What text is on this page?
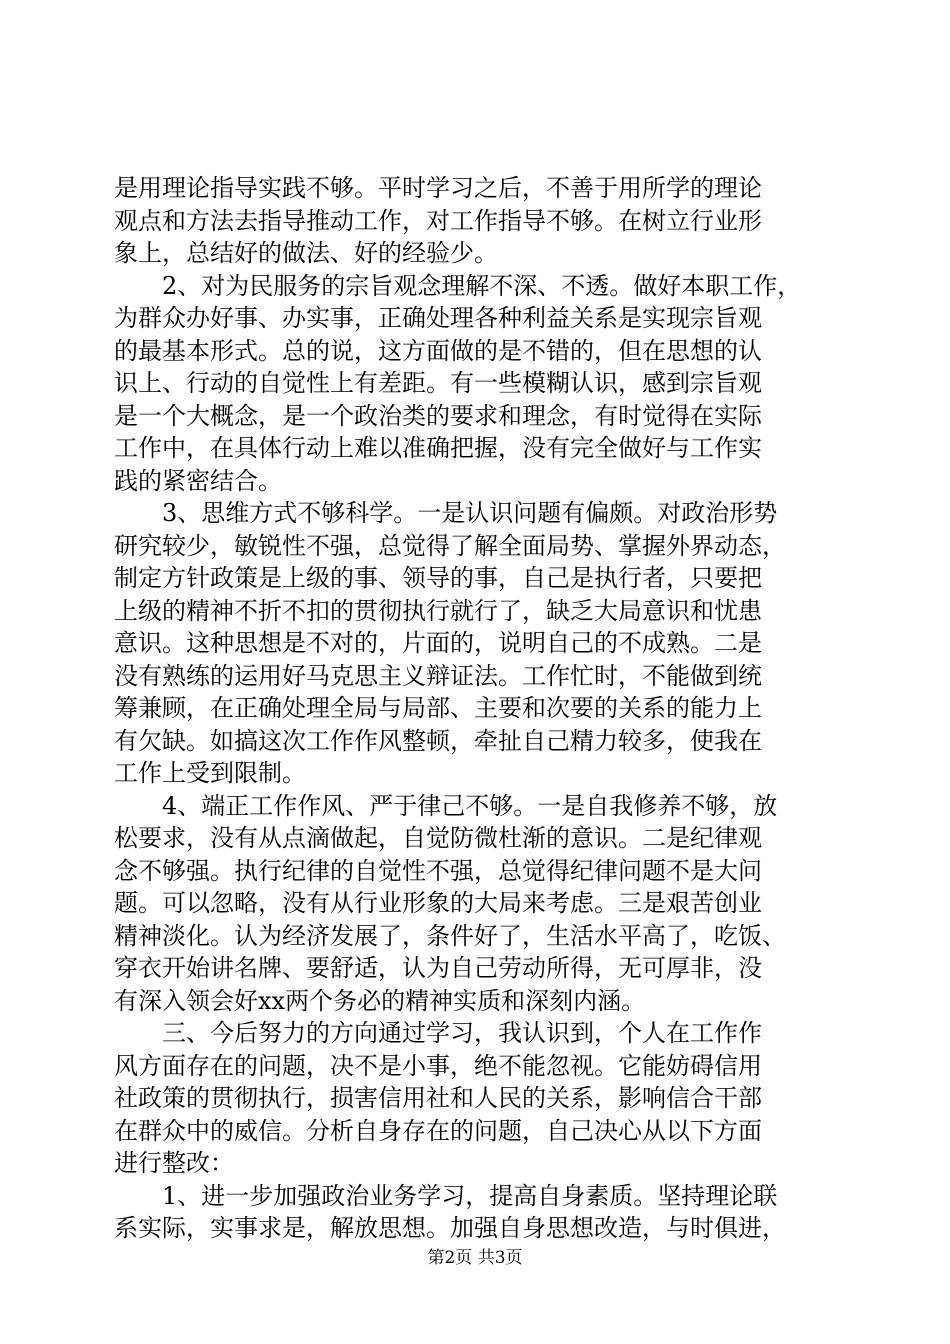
是用理论指导实践不够。平时学习之后，不善于用所学的理论
观点和方法去指导推动工作，对工作指导不够。在树立行业形
象上，总结好的做法、好的经验少。
　　2、对为民服务的宗旨观念理解不深、不透。做好本职工作，
为群众办好事、办实事，正确处理各种利益关系是实现宗旨观
的最基本形式。总的说，这方面做的是不错的，但在思想的认
识上、行动的自觉性上有差距。有一些模糊认识，感到宗旨观
是一个大概念，是一个政治类的要求和理念，有时觉得在实际
工作中，在具体行动上难以准确把握，没有完全做好与工作实
践的紧密结合。
　　3、思维方式不够科学。一是认识问题有偏颇。对政治形势
研究较少，敏锐性不强，总觉得了解全面局势、掌握外界动态，
制定方针政策是上级的事、领导的事，自己是执行者，只要把
上级的精神不折不扣的贯彻执行就行了，缺乏大局意识和忧患
意识。这种思想是不对的，片面的，说明自己的不成熟。二是
没有熟练的运用好马克思主义辩证法。工作忙时，不能做到统
筹兼顾，在正确处理全局与局部、主要和次要的关系的能力上
有欠缺。如搞这次工作作风整顿，牵扯自己精力较多，使我在
工作上受到限制。
　　4、端正工作作风、严于律己不够。一是自我修养不够，放
松要求，没有从点滴做起，自觉防微杜渐的意识。二是纪律观
念不够强。执行纪律的自觉性不强，总觉得纪律问题不是大问
题。可以忽略，没有从行业形象的大局来考虑。三是艰苦创业
精神淡化。认为经济发展了，条件好了，生活水平高了，吃饭、
穿衣开始讲名牌、要舒适，认为自己劳动所得，无可厚非，没
有深入领会好xx两个务必的精神实质和深刻内涵。
　　三、今后努力的方向通过学习，我认识到，个人在工作作
风方面存在的问题，决不是小事，绝不能忽视。它能妨碍信用
社政策的贯彻执行，损害信用社和人民的关系，影响信合干部
在群众中的威信。分析自身存在的问题，自己决心从以下方面
进行整改：
　　1、进一步加强政治业务学习，提高自身素质。坚持理论联
系实际，实事求是，解放思想。加强自身思想改造，与时俱进，

第2页 共3页
